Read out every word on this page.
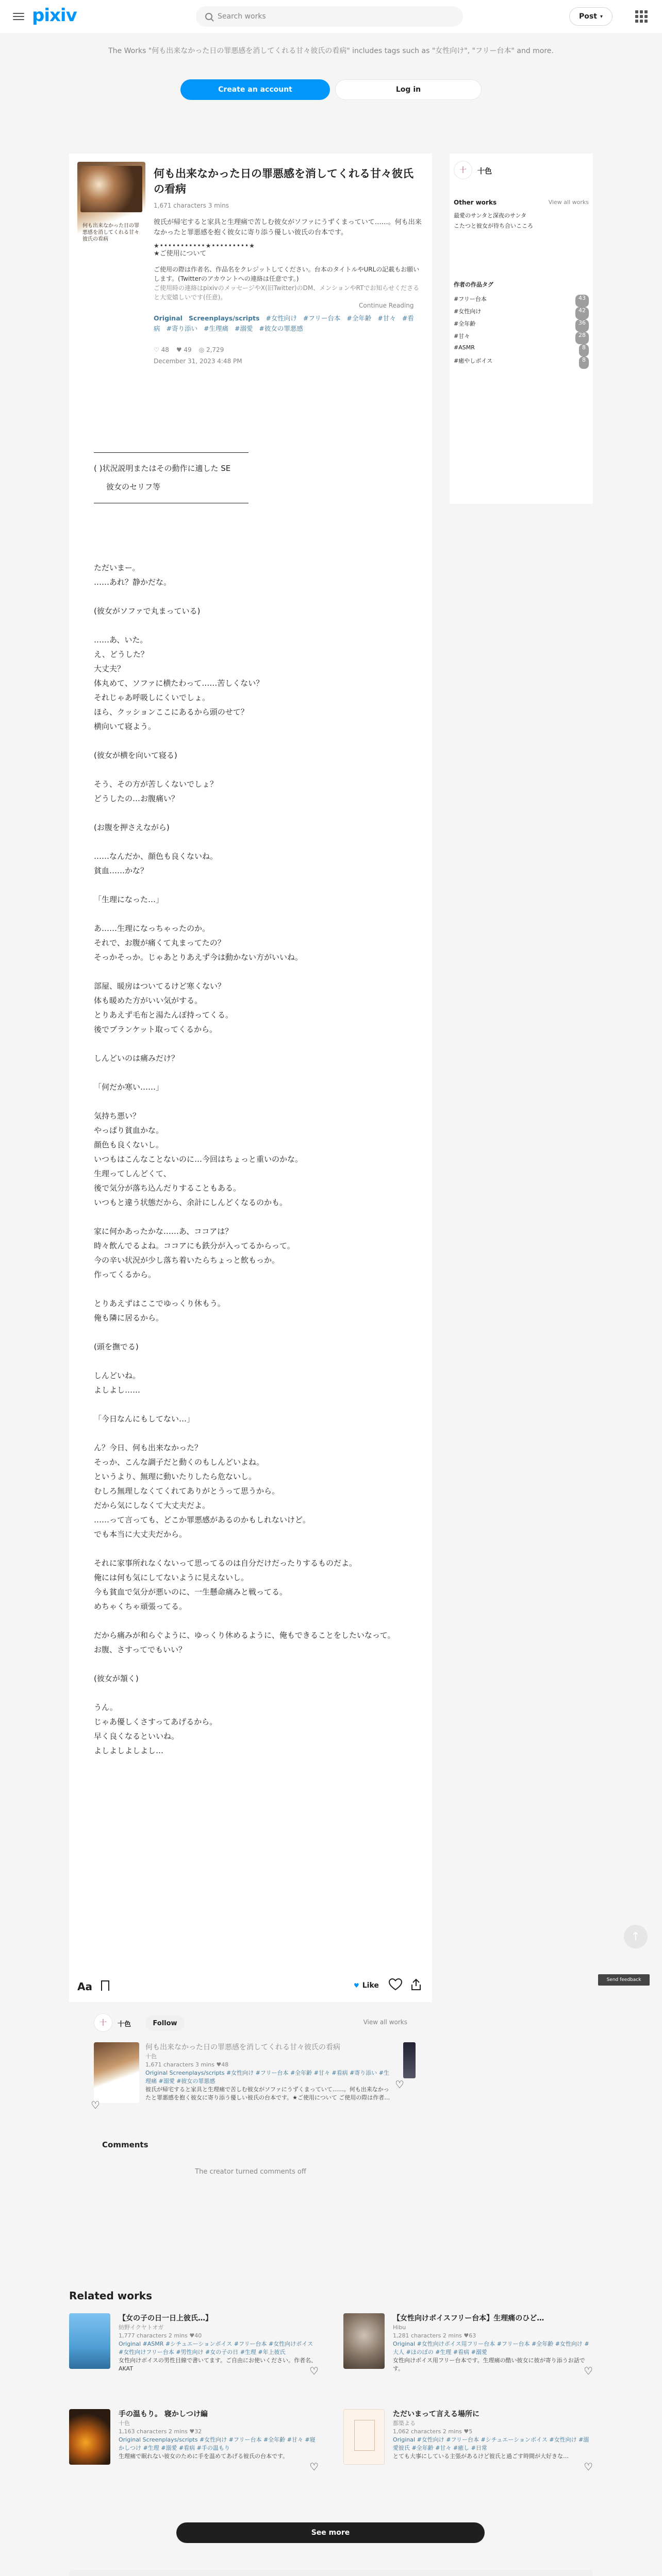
pixiv	Search works	Post ▾
The Works "何も出来なかった日の罪悪感を消してくれる甘々彼氏の看病" includes tags such as "女性向け", "フリー台本" and more.
Create an account	Log in
何も出来なかった日の罪悪感を消してくれる甘々彼氏の看病
何も出来なかった日の罪悪感を消してくれる甘々彼氏の看病
1,671 characters 3 mins
彼氏が帰宅すると家具と生理痛で苦しむ彼女がソファにうずくまっていて……。何も出来なかったと罪悪感を抱く彼女に寄り添う優しい彼氏の台本です。
★•••••••••••★•••••••••★
★ご使用について
ご使用の際は作者名、作品名をクレジットしてください。台本のタイトルやURLの記載もお願いします。(Twitterのアカウントへの連絡は任意です。)
ご使用時の連絡はpixivのメッセージやX(旧Twitter)のDM、メンションやRTでお知らせくださると大変嬉しいです(任意)。
Continue Reading
Original Screenplays/scripts #女性向け #フリー台本 #全年齢 #甘々 #看病 #寄り添い #生理痛 #溺愛 #彼女の罪悪感
♡ 48 ♥ 49 ◎ 2,729
December 31, 2023 4:48 PM
( )状況説明またはその動作に適した SE
彼女のセリフ等
ただいまー。
……あれ？静かだな。

(彼女がソファで丸まっている)

……あ、いた。
え、どうした？
大丈夫？
体丸めて、ソファに横たわって……苦しくない？
それじゃあ呼吸しにくいでしょ。
ほら、クッションここにあるから頭のせて？
横向いて寝よう。

(彼女が横を向いて寝る)

そう、その方が苦しくないでしょ？
どうしたの…お腹痛い？

(お腹を押さえながら)

……なんだか、顔色も良くないね。
貧血……かな？

「生理になった…」

あ……生理になっちゃったのか。
それで、お腹が痛くて丸まってたの？
そっかそっか。じゃあとりあえず今は動かない方がいいね。

部屋、暖房はついてるけど寒くない？
体も暖めた方がいい気がする。
とりあえず毛布と湯たんぽ持ってくる。
後でブランケット取ってくるから。

しんどいのは痛みだけ？

「何だか寒い……」

気持ち悪い？
やっぱり貧血かな。
顔色も良くないし。
いつもはこんなことないのに…今回はちょっと重いのかな。
生理ってしんどくて、
後で気分が落ち込んだりすることもある。
いつもと違う状態だから、余計にしんどくなるのかも。

家に何かあったかな……あ、ココアは？
時々飲んでるよね。ココアにも鉄分が入ってるからって。
今の辛い状況が少し落ち着いたらちょっと飲もっか。
作ってくるから。

とりあえずはここでゆっくり休もう。
俺も隣に居るから。

(頭を撫でる)

しんどいね。
よしよし……

「今日なんにもしてない…」

ん？今日、何も出来なかった？
そっか、こんな調子だと動くのもしんどいよね。
というより、無理に動いたりしたら危ないし。
むしろ無理しなくてくれてありがとうって思うから。
だから気にしなくて大丈夫だよ。
……って言っても、どこか罪悪感があるのかもしれないけど。
でも本当に大丈夫だから。

それに家事所れなくないって思ってるのは自分だけだったりするものだよ。
俺には何も気にしてないように見えないし。
今も貧血で気分が悪いのに、一生懸命痛みと戦ってる。
めちゃくちゃ頑張ってる。

だから痛みが和らぐように、ゆっくり休めるように、俺もできることをしたいなって。
お腹、さすってでもいい？

(彼女が頷く)

うん。
じゃあ優しくさすってあげるから。
早く良くなるといいね。
よしよしよしよし…
Aa	♥ Like
十 十色	Follow	View all works
何も出来なかった日の罪悪感を消してくれる甘々彼氏の看病
十色
1,671 characters 3 mins ♥48
Original Screenplays/scripts #女性向け #フリー台本 #全年齢 #甘々 #看病 #寄り添い #生理痛 #溺愛 #彼女の罪悪感
彼氏が帰宅すると家具と生理痛で苦しむ彼女がソファにうずくまっていて……。何も出来なかったと罪悪感を抱く彼女に寄り添う優しい彼氏の台本です。★ご使用について ご使用の際は作者…
♡
♡
Comments
The creator turned comments off
十 十色
Other works	View all works
最愛のサンタと深夜のサンタ
こたつと彼女が待ち合いこころ
作者の作品タグ
#フリー台本	43
#女性向け	42
#全年齢	36
#甘々	28
#ASMR	8
#癒やしボイス	8
Related works
【女の子の日一日上彼氏…】
紡野イクヤトオガ
1,777 characters 2 mins ♥40
Original #ASMR #シチュエーションボイス #フリー台本 #女性向けボイス #女性向けフリー台本 #男性向け #女の子の日 #生理 #年上彼氏
女性向けボイスの男性目線で書いてます。ご自由にお使いください。作者名、AKAT	♡
【女性向けボイスフリー台本】生理痛のひど…
Hibu
1,281 characters 2 mins ♥63
Original #女性向けボイス用フリー台本 #フリー台本 #全年齢 #女性向け #大人 #ほのぼの #生理 #看病 #溺愛
女性向けボイス用フリー台本です。生理痛の酷い彼女に彼が寄り添うお話です。	♡
手の温もり。 寝かしつけ編
十色
1,163 characters 2 mins ♥32
Original Screenplays/scripts #女性向け #フリー台本 #全年齢 #甘々 #寝かしつけ #生理 #溺愛 #看病 #手の温もり
生理痛で眠れない彼女のために手を温めてあげる彼氏の台本です。
♡
ただいまって言える場所に
都築よる
1,062 characters 2 mins ♥5
Original #女性向け #フリー台本 #シチュエーションボイス #女性向け #溺愛彼氏 #全年齢 #甘々 #癒し #日常
とても大事にしている主張があるけど彼氏と過ごす時間が大好きな…
♡
See more
↑
Send feedback
